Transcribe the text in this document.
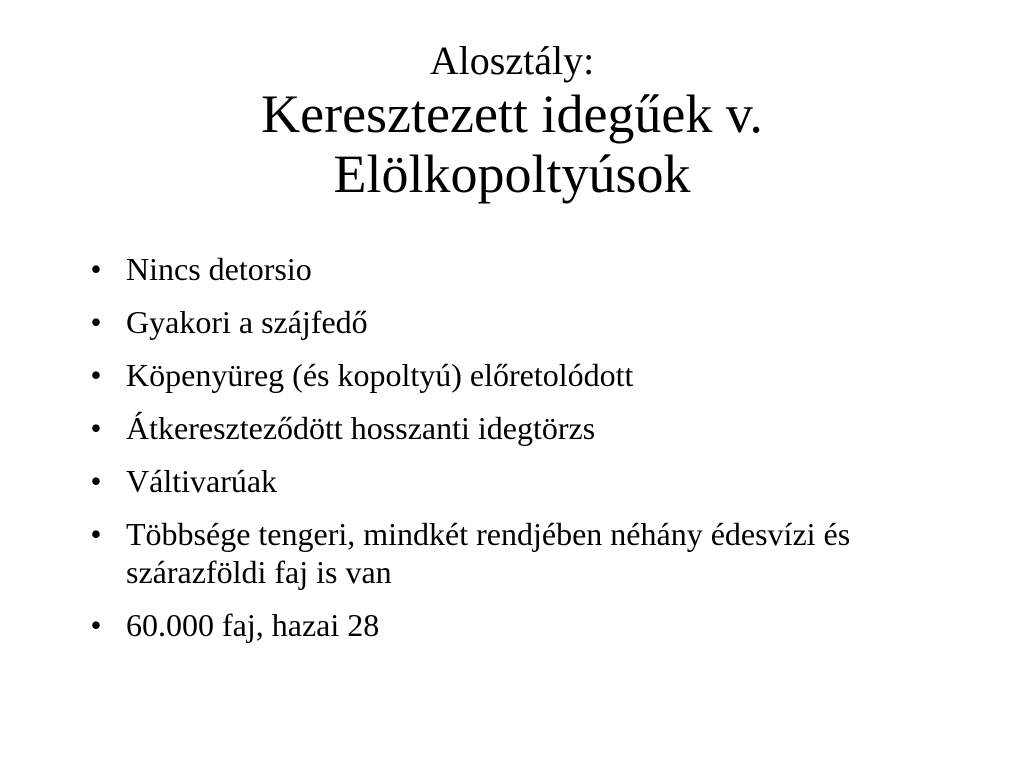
Alosztály:
Keresztezett idegűek v.
Elölkopoltyúsok
• Nincs detorsio
• Gyakori a szájfedő
• Köpenyüreg (és kopoltyú) előretolódott
• Átkereszteződött hosszanti idegtörzs
• Váltivarúak
• Többsége tengeri, mindkét rendjében néhány édesvízi és szárazföldi faj is van
• 60.000 faj, hazai 28
